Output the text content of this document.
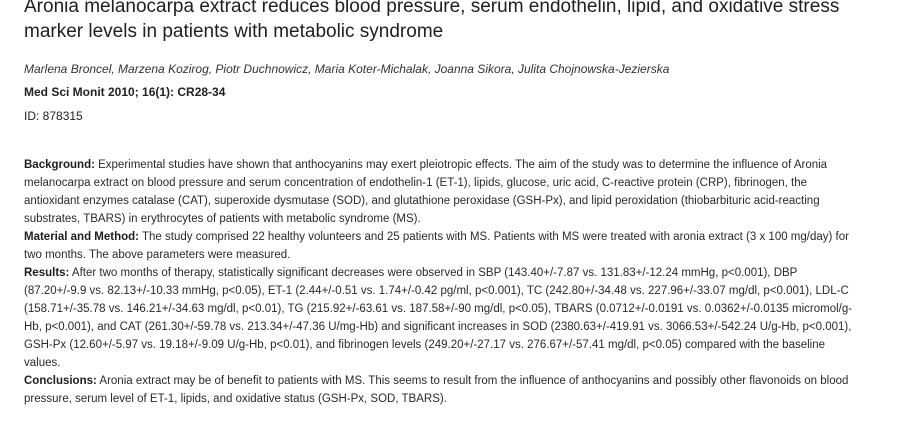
Aronia melanocarpa extract reduces blood pressure, serum endothelin, lipid, and oxidative stress marker levels in patients with metabolic syndrome
Marlena Broncel, Marzena Kozirog, Piotr Duchnowicz, Maria Koter-Michalak, Joanna Sikora, Julita Chojnowska-Jezierska
Med Sci Monit 2010; 16(1): CR28-34
ID: 878315

Background: Experimental studies have shown that anthocyanins may exert pleiotropic effects. The aim of the study was to determine the influence of Aronia melanocarpa extract on blood pressure and serum concentration of endothelin-1 (ET-1), lipids, glucose, uric acid, C-reactive protein (CRP), fibrinogen, the antioxidant enzymes catalase (CAT), superoxide dysmutase (SOD), and glutathione peroxidase (GSH-Px), and lipid peroxidation (thiobarbituric acid-reacting substrates, TBARS) in erythrocytes of patients with metabolic syndrome (MS).

Material and Method: The study comprised 22 healthy volunteers and 25 patients with MS. Patients with MS were treated with aronia extract (3 x 100 mg/day) for two months. The above parameters were measured.

Results: After two months of therapy, statistically significant decreases were observed in SBP (143.40+/-7.87 vs. 131.83+/-12.24 mmHg, p<0.001), DBP (87.20+/-9.9 vs. 82.13+/-10.33 mmHg, p<0.05), ET-1 (2.44+/-0.51 vs. 1.74+/-0.42 pg/ml, p<0.001), TC (242.80+/-34.48 vs. 227.96+/-33.07 mg/dl, p<0.001), LDL-C (158.71+/-35.78 vs. 146.21+/-34.63 mg/dl, p<0.01), TG (215.92+/-63.61 vs. 187.58+/-90 mg/dl, p<0.05), TBARS (0.0712+/-0.0191 vs. 0.0362+/-0.0135 micromol/g-Hb, p<0.001), and CAT (261.30+/-59.78 vs. 213.34+/-47.36 U/mg-Hb) and significant increases in SOD (2380.63+/-419.91 vs. 3066.53+/-542.24 U/g-Hb, p<0.001), GSH-Px (12.60+/-5.97 vs. 19.18+/-9.09 U/g-Hb, p<0.01), and fibrinogen levels (249.20+/-27.17 vs. 276.67+/-57.41 mg/dl, p<0.05) compared with the baseline values.

Conclusions: Aronia extract may be of benefit to patients with MS. This seems to result from the influence of anthocyanins and possibly other flavonoids on blood pressure, serum level of ET-1, lipids, and oxidative status (GSH-Px, SOD, TBARS).
